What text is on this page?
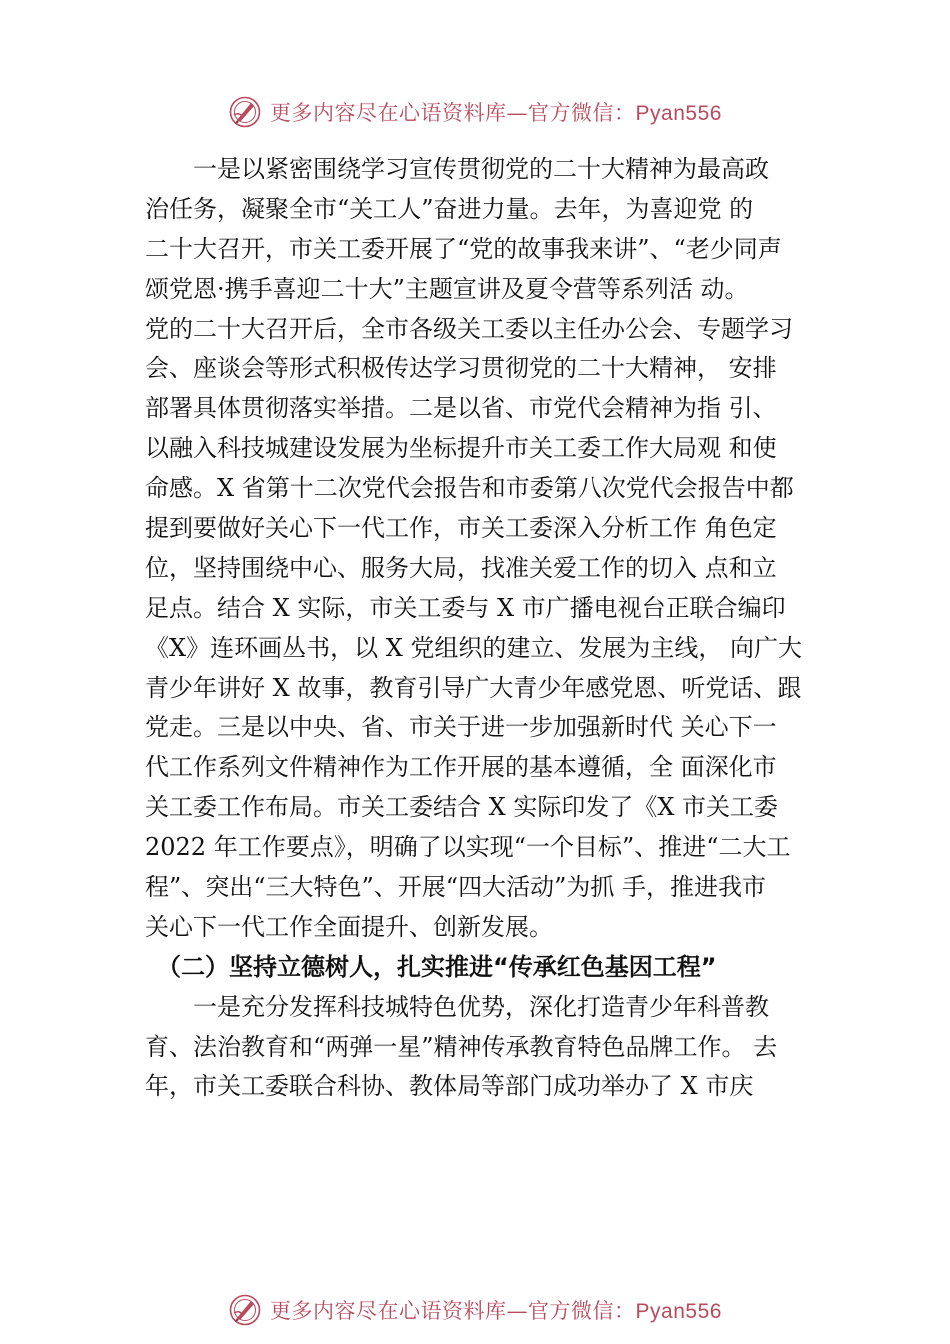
更多内容尽在心语资料库—官方微信：Pyan556

　　一是以紧密围绕学习宣传贯彻党的二十大精神为最高政
治任务，凝聚全市“关工人”奋进力量。去年，为喜迎党 的
二十大召开，市关工委开展了“党的故事我来讲”、“老少同声
颂党恩·携手喜迎二十大”主题宣讲及夏令营等系列活 动。
党的二十大召开后，全市各级关工委以主任办公会、专题学习
会、座谈会等形式积极传达学习贯彻党的二十大精神， 安排
部署具体贯彻落实举措。二是以省、市党代会精神为指 引、
以融入科技城建设发展为坐标提升市关工委工作大局观 和使
命感。X 省第十二次党代会报告和市委第八次党代会报告中都
提到要做好关心下一代工作，市关工委深入分析工作 角色定
位，坚持围绕中心、服务大局，找准关爱工作的切入 点和立
足点。结合 X 实际，市关工委与 X 市广播电视台正联合编印
《X》连环画丛书，以 X 党组织的建立、发展为主线， 向广大
青少年讲好 X 故事，教育引导广大青少年感党恩、听党话、跟
党走。三是以中央、省、市关于进一步加强新时代 关心下一
代工作系列文件精神作为工作开展的基本遵循，全 面深化市
关工委工作布局。市关工委结合 X 实际印发了《X 市关工委
2022 年工作要点》，明确了以实现“一个目标”、推进“二大工
程”、突出“三大特色”、开展“四大活动”为抓 手，推进我市
关心下一代工作全面提升、创新发展。

　（二）坚持立德树人，扎实推进“传承红色基因工程”

　　一是充分发挥科技城特色优势，深化打造青少年科普教
育、法治教育和“两弹一星”精神传承教育特色品牌工作。 去
年，市关工委联合科协、教体局等部门成功举办了 X 市庆

更多内容尽在心语资料库—官方微信：Pyan556
